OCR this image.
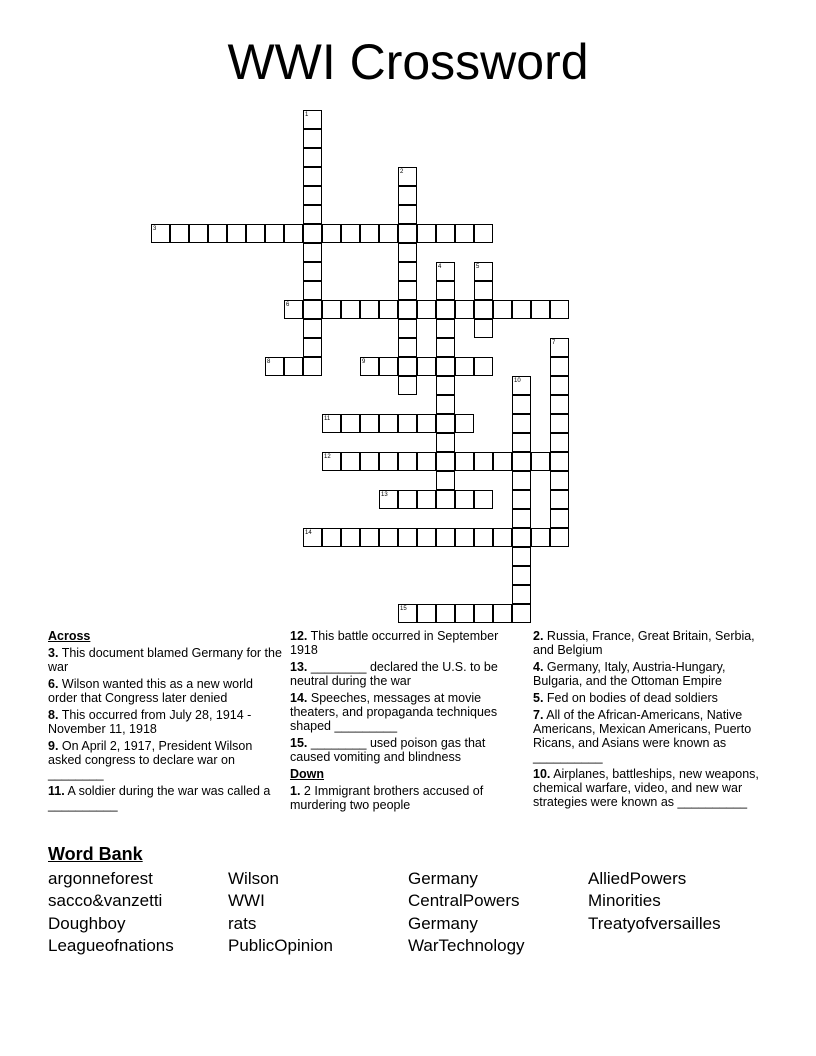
WWI Crossword
1
2
3
4	5
6
7
8	9
10
11
12
13
14
15
Across
3. This document blamed Germany for the war
6. Wilson wanted this as a new world order that Congress later denied
8. This occurred from July 28, 1914 - November 11, 1918
9. On April 2, 1917, President Wilson asked congress to declare war on ________
11. A soldier during the war was called a __________
12. This battle occurred in September 1918
13. ________ declared the U.S. to be neutral during the war
14. Speeches, messages at movie theaters, and propaganda techniques shaped _________
15. ________ used poison gas that caused vomiting and blindness
Down
1. 2 Immigrant brothers accused of murdering two people
2. Russia, France, Great Britain, Serbia, and Belgium
4. Germany, Italy, Austria-Hungary, Bulgaria, and the Ottoman Empire
5. Fed on bodies of dead soldiers
7. All of the African-Americans, Native Americans, Mexican Americans, Puerto Ricans, and Asians were known as __________
10. Airplanes, battleships, new weapons, chemical warfare, video, and new war strategies were known as __________
Word Bank
argonneforest	Wilson	Germany	AlliedPowers
sacco&vanzetti	WWI	CentralPowers	Minorities
Doughboy	rats	Germany	Treatyofversailles
Leagueofnations	PublicOpinion	WarTechnology
